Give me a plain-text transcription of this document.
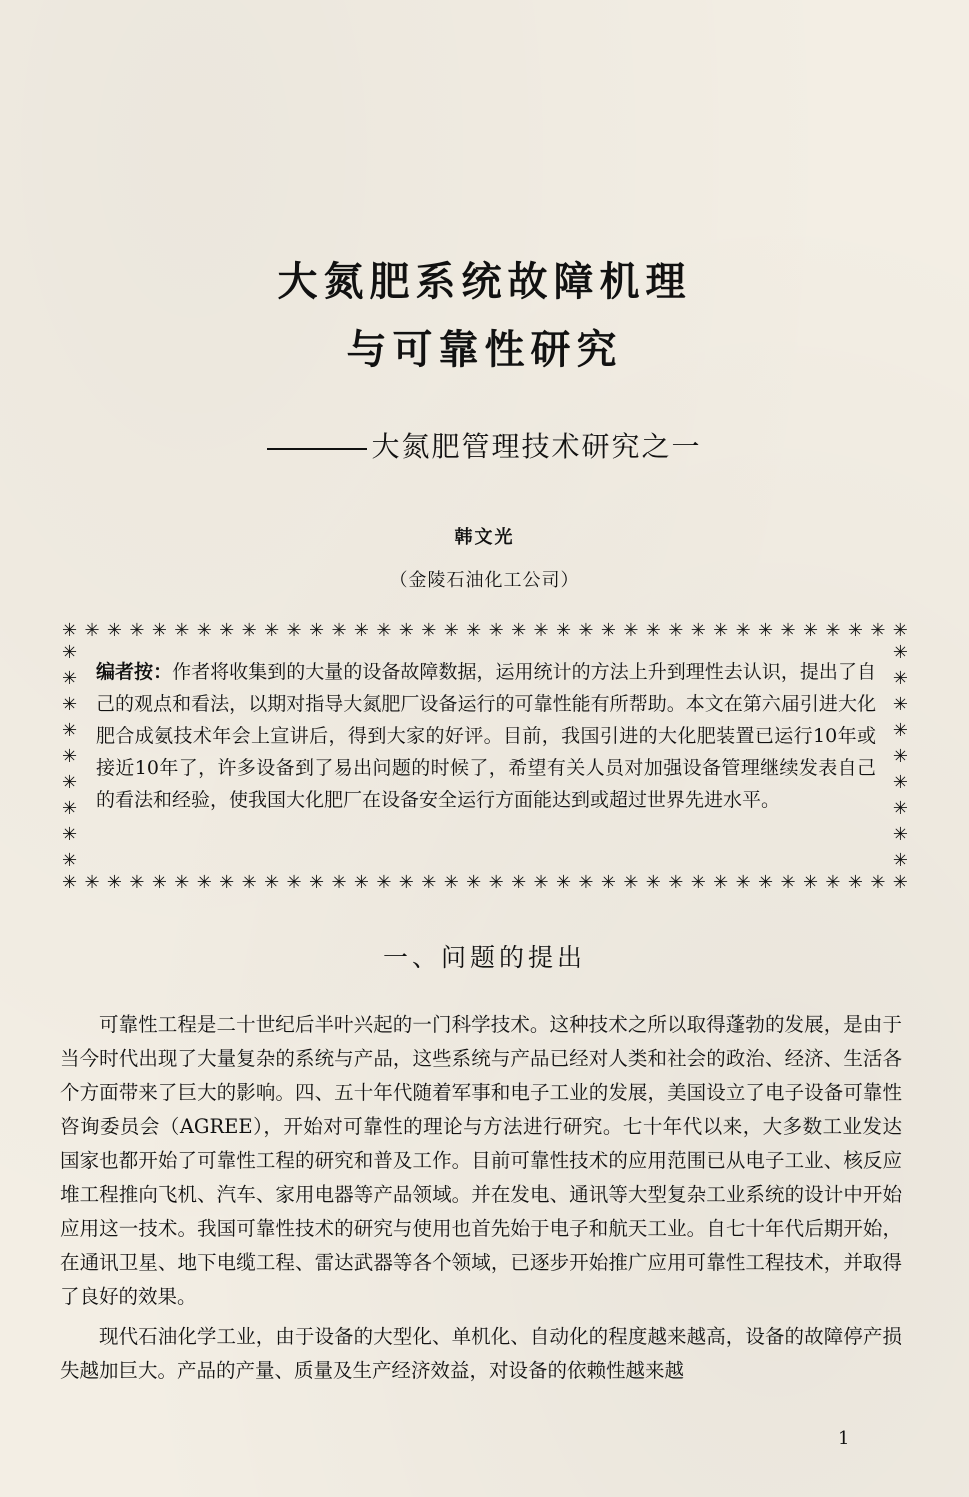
大氮肥系统故障机理
与可靠性研究
大氮肥管理技术研究之一
韩文光
（金陵石油化工公司）
✳ ✳ ✳ ✳ ✳ ✳ ✳ ✳ ✳ ✳ ✳ ✳ ✳ ✳ ✳ ✳ ✳ ✳ ✳ ✳ ✳ ✳ ✳ ✳ ✳ ✳ ✳ ✳ ✳ ✳ ✳ ✳ ✳ ✳ ✳ ✳ ✳ ✳
✳ ✳ ✳ ✳ ✳ ✳ ✳ ✳ ✳ ✳ ✳ ✳ ✳ ✳ ✳ ✳ ✳ ✳ ✳ ✳ ✳ ✳ ✳ ✳ ✳ ✳ ✳ ✳ ✳ ✳ ✳ ✳ ✳ ✳ ✳ ✳ ✳ ✳
✳
✳
✳
✳
✳
✳
✳
✳
✳
✳
✳
✳
✳
✳
✳
✳
✳
✳
编者按：作者将收集到的大量的设备故障数据，运用统计的方法上升到理性去认识，提出了自己的观点和看法，以期对指导大氮肥厂设备运行的可靠性能有所帮助。本文在第六届引进大化肥合成氨技术年会上宣讲后，得到大家的好评。目前，我国引进的大化肥装置已运行10年或接近10年了，许多设备到了易出问题的时候了，希望有关人员对加强设备管理继续发表自己的看法和经验，使我国大化肥厂在设备安全运行方面能达到或超过世界先进水平。
一、问题的提出

可靠性工程是二十世纪后半叶兴起的一门科学技术。这种技术之所以取得蓬勃的发展，是由于当今时代出现了大量复杂的系统与产品，这些系统与产品已经对人类和社会的政治、经济、生活各个方面带来了巨大的影响。四、五十年代随着军事和电子工业的发展，美国设立了电子设备可靠性咨询委员会（AGREE），开始对可靠性的理论与方法进行研究。七十年代以来，大多数工业发达国家也都开始了可靠性工程的研究和普及工作。目前可靠性技术的应用范围已从电子工业、核反应堆工程推向飞机、汽车、家用电器等产品领域。并在发电、通讯等大型复杂工业系统的设计中开始应用这一技术。我国可靠性技术的研究与使用也首先始于电子和航天工业。自七十年代后期开始，在通讯卫星、地下电缆工程、雷达武器等各个领域，已逐步开始推广应用可靠性工程技术，并取得了良好的效果。

现代石油化学工业，由于设备的大型化、单机化、自动化的程度越来越高，设备的故障停产损失越加巨大。产品的产量、质量及生产经济效益，对设备的依赖性越来越

1
